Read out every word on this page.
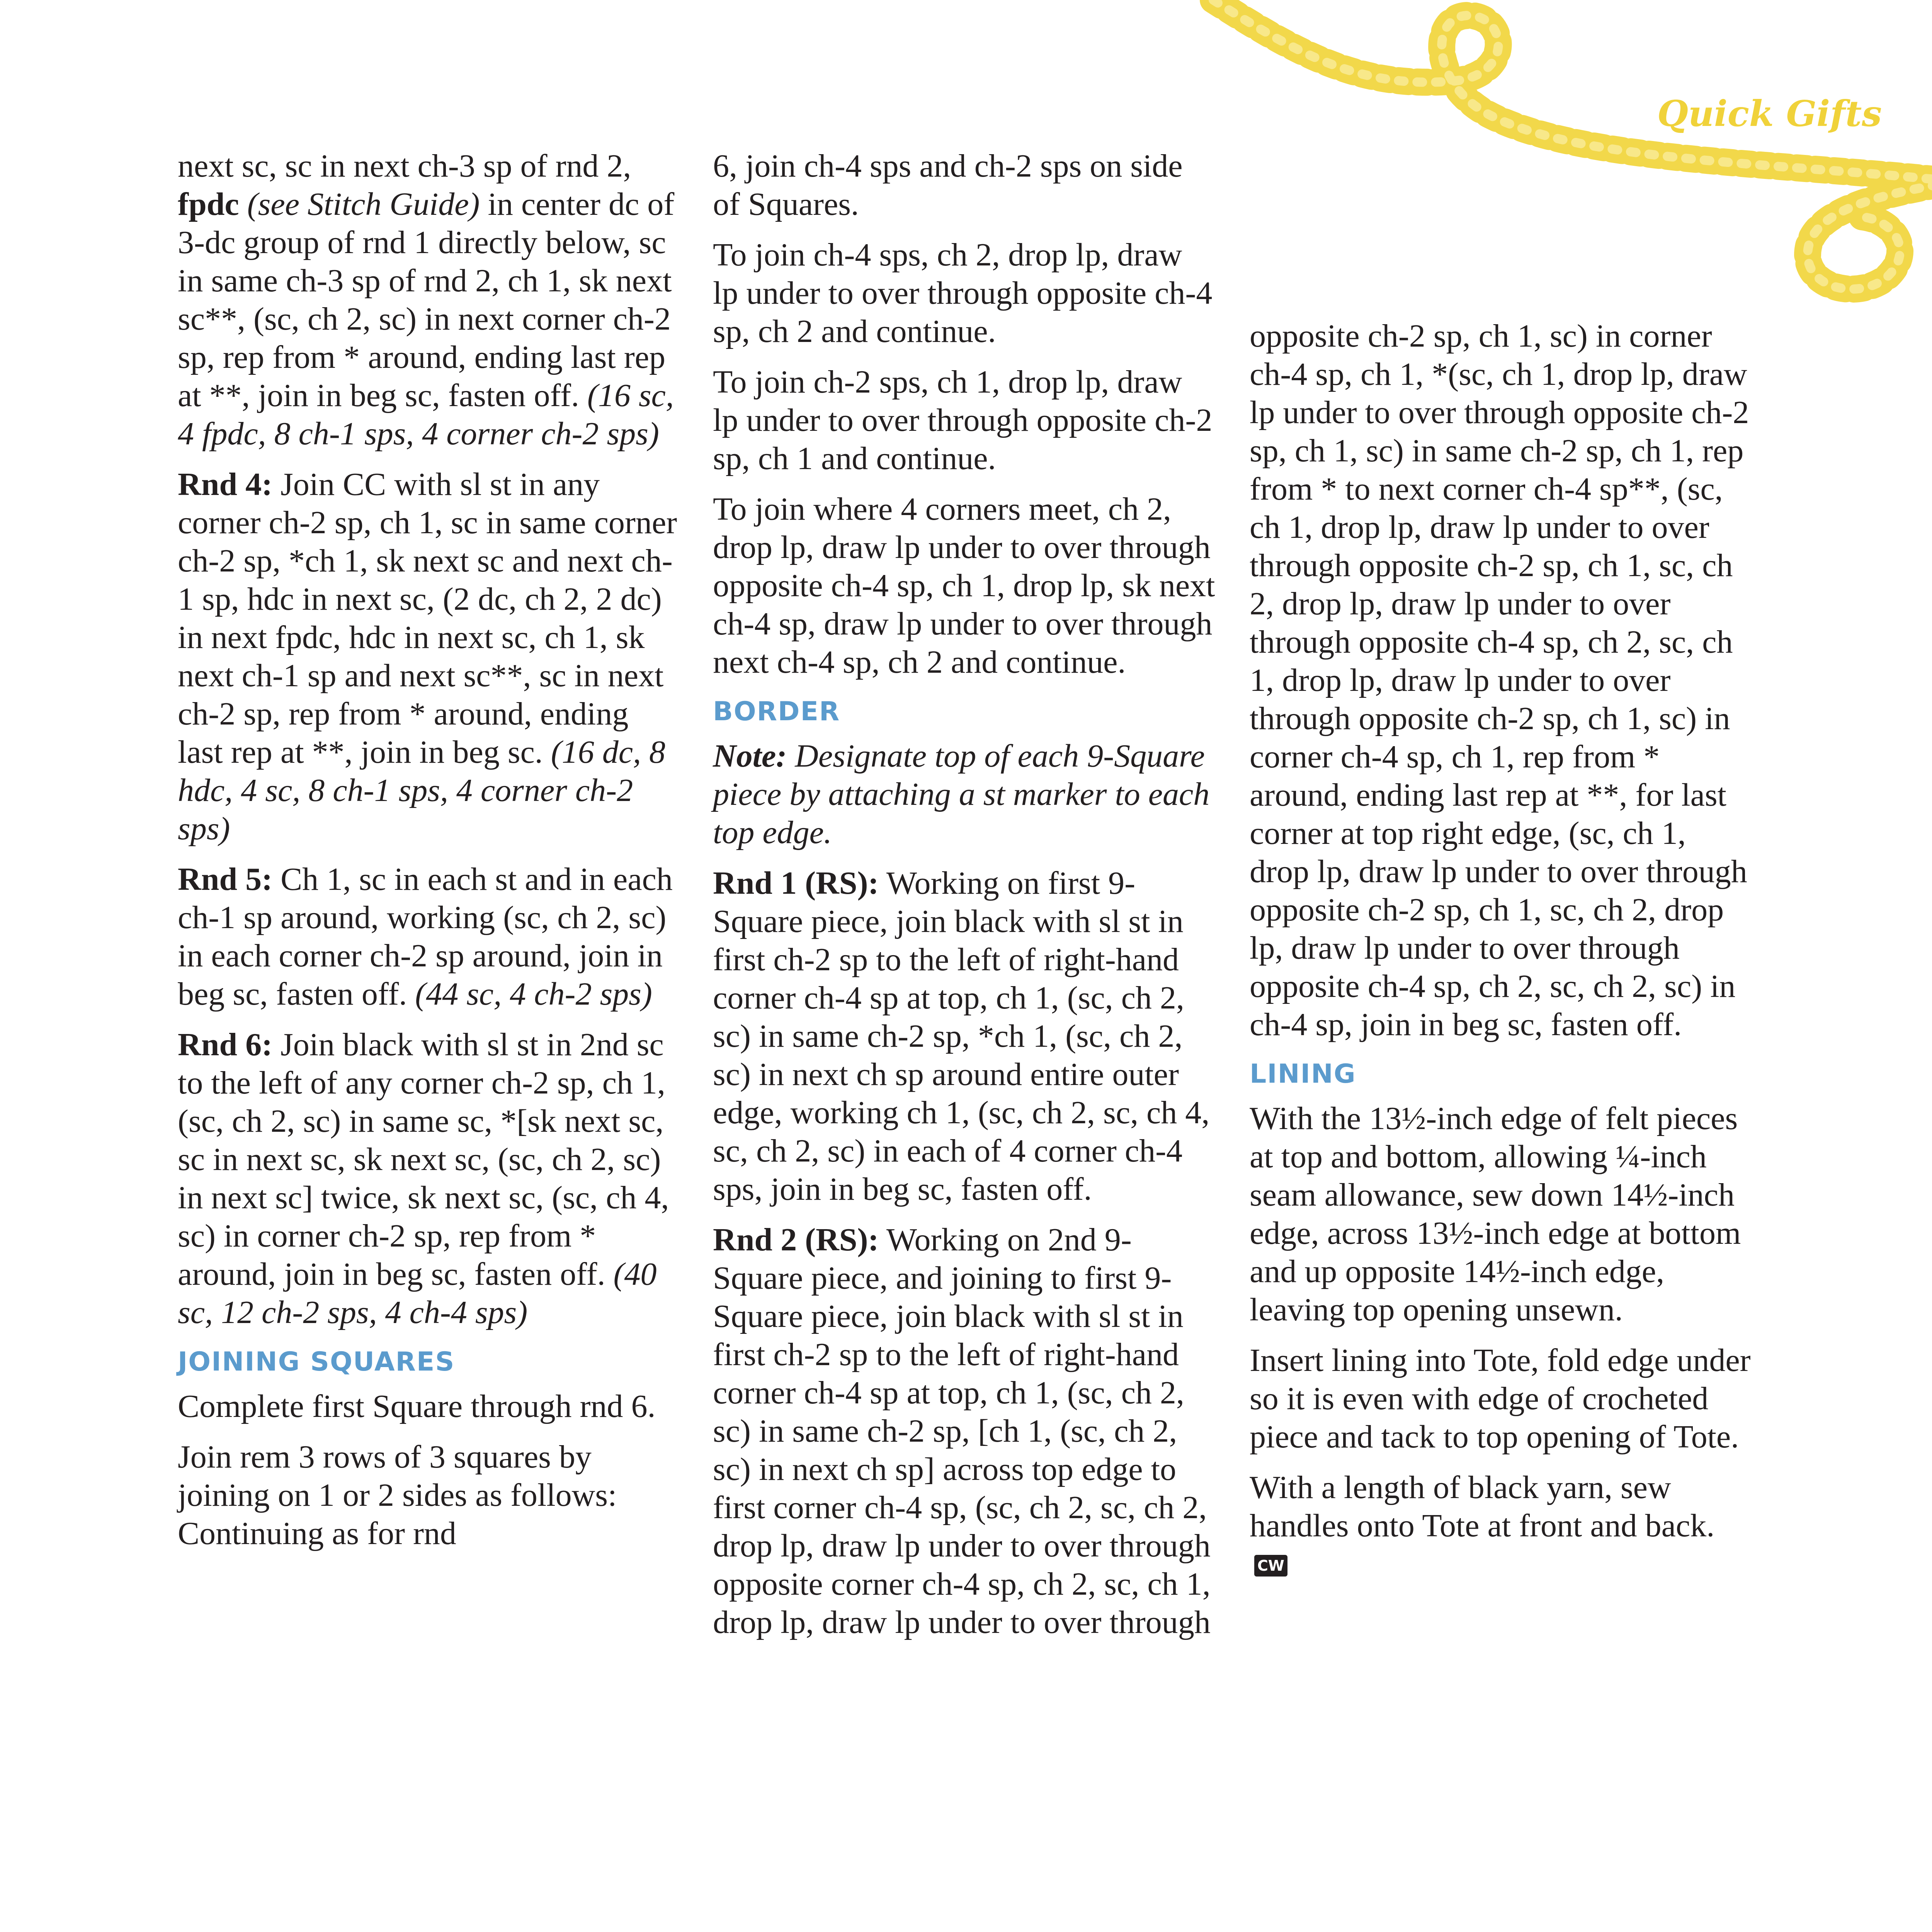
Quick Gifts

next sc, sc in next ch-3 sp of rnd 2, fpdc (see Stitch Guide) in center dc of 3-dc group of rnd 1 directly below, sc in same ch-3 sp of rnd 2, ch 1, sk next sc**, (sc, ch 2, sc) in next corner ch-2 sp, rep from * around, ending last rep at **, join in beg sc, fasten off. (16 sc, 4 fpdc, 8 ch-1 sps, 4 corner ch-2 sps)

Rnd 4: Join CC with sl st in any corner ch-2 sp, ch 1, sc in same corner ch-2 sp, *ch 1, sk next sc and next ch-1 sp, hdc in next sc, (2 dc, ch 2, 2 dc) in next fpdc, hdc in next sc, ch 1, sk next ch-1 sp and next sc**, sc in next ch-2 sp, rep from * around, ending last rep at **, join in beg sc. (16 dc, 8 hdc, 4 sc, 8 ch-1 sps, 4 corner ch-2 sps)

Rnd 5: Ch 1, sc in each st and in each ch-1 sp around, working (sc, ch 2, sc) in each corner ch-2 sp around, join in beg sc, fasten off. (44 sc, 4 ch-2 sps)

Rnd 6: Join black with sl st in 2nd sc to the left of any corner ch-2 sp, ch 1, (sc, ch 2, sc) in same sc, *[sk next sc, sc in next sc, sk next sc, (sc, ch 2, sc) in next sc] twice, sk next sc, (sc, ch 4, sc) in corner ch-2 sp, rep from * around, join in beg sc, fasten off. (40 sc, 12 ch-2 sps, 4 ch-4 sps)

JOINING SQUARES

Complete first Square through rnd 6.

Join rem 3 rows of 3 squares by joining on 1 or 2 sides as follows: Continuing as for rnd

6, join ch-4 sps and ch-2 sps on side of Squares.

To join ch-4 sps, ch 2, drop lp, draw lp under to over through opposite ch-4 sp, ch 2 and continue.

To join ch-2 sps, ch 1, drop lp, draw lp under to over through opposite ch-2 sp, ch 1 and continue.

To join where 4 corners meet, ch 2, drop lp, draw lp under to over through opposite ch-4 sp, ch 1, drop lp, sk next ch-4 sp, draw lp under to over through next ch-4 sp, ch 2 and continue.

BORDER

Note: Designate top of each 9-Square piece by attaching a st marker to each top edge.

Rnd 1 (RS): Working on first 9-Square piece, join black with sl st in first ch-2 sp to the left of right-hand corner ch-4 sp at top, ch 1, (sc, ch 2, sc) in same ch-2 sp, *ch 1, (sc, ch 2, sc) in next ch sp around entire outer edge, working ch 1, (sc, ch 2, sc, ch 4, sc, ch 2, sc) in each of 4 corner ch-4 sps, join in beg sc, fasten off.

Rnd 2 (RS): Working on 2nd 9-Square piece, and joining to first 9-Square piece, join black with sl st in first ch-2 sp to the left of right-hand corner ch-4 sp at top, ch 1, (sc, ch 2, sc) in same ch-2 sp, [ch 1, (sc, ch 2, sc) in next ch sp] across top edge to first corner ch-4 sp, (sc, ch 2, sc, ch 2, drop lp, draw lp under to over through opposite corner ch-4 sp, ch 2, sc, ch 1, drop lp, draw lp under to over through

opposite ch-2 sp, ch 1, sc) in corner ch-4 sp, ch 1, *(sc, ch 1, drop lp, draw lp under to over through opposite ch-2 sp, ch 1, sc) in same ch-2 sp, ch 1, rep from * to next corner ch-4 sp**, (sc, ch 1, drop lp, draw lp under to over through opposite ch-2 sp, ch 1, sc, ch 2, drop lp, draw lp under to over through opposite ch-4 sp, ch 2, sc, ch 1, drop lp, draw lp under to over through opposite ch-2 sp, ch 1, sc) in corner ch-4 sp, ch 1, rep from * around, ending last rep at **, for last corner at top right edge, (sc, ch 1, drop lp, draw lp under to over through opposite ch-2 sp, ch 1, sc, ch 2, drop lp, draw lp under to over through opposite ch-4 sp, ch 2, sc, ch 2, sc) in ch-4 sp, join in beg sc, fasten off.

LINING

With the 13½-inch edge of felt pieces at top and bottom, allowing ¼-inch seam allowance, sew down 14½-inch edge, across 13½-inch edge at bottom and up opposite 14½-inch edge, leaving top opening unsewn.

Insert lining into Tote, fold edge under so it is even with edge of crocheted piece and tack to top opening of Tote.

With a length of black yarn, sew handles onto Tote at front and back.CW
